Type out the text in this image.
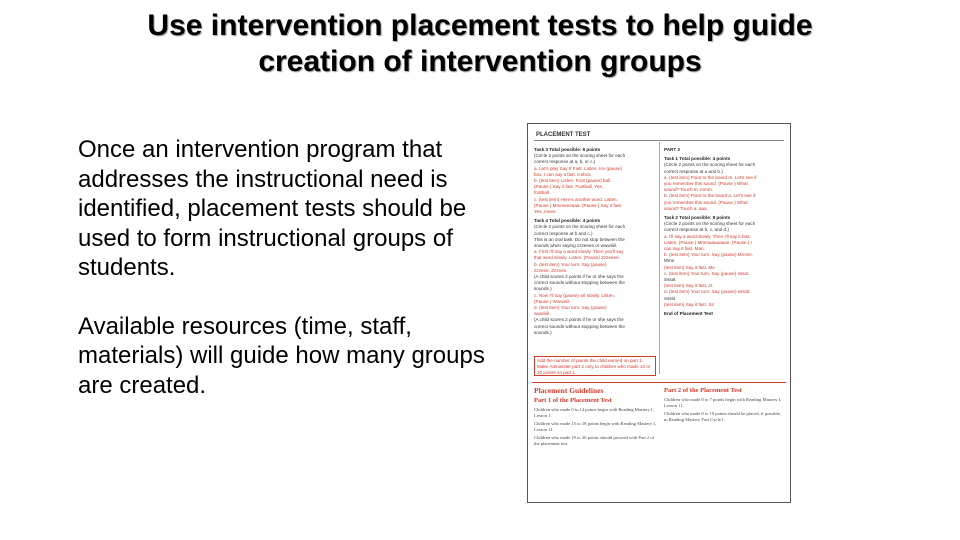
Use intervention placement tests to help guide
creation of intervention groups

Once an intervention program that addresses the instructional need is identified, placement tests should be used to form instructional groups of students.

Available resources (time, staff, materials) will guide how many groups are created.

PLACEMENT TEST
Task 3 Total possible: 6 points
(Circle 2 points on the scoring sheet for each
correct response at a, b, or c.)
a. Let's play Say It Fast. Listen. Ice (pause)
box. I can say it fast. Icebox.
b. (test item) Listen. Foot (pause) ball.
(Pause.) Say it fast. Football. Yes,
football.
c. (test item) Here's another word. Listen.
(Pause.) Mmmeeeaaa. (Pause.) Say it fast.
Yes, meee.
Task 4 Total possible: 4 points
(Circle 2 points on the scoring sheet for each
correct response at b and c.)
This is an oral task. Do not stop between the
sounds when saying zzzeeee or wwwiiiil.
a. First I'll say a word slowly. Then you'll say
that word slowly. Listen. (Pause) Zzzeeee.
b. (test item) Your turn. Say (pause)
zzzeee. Zzzeee.
(A child scores 2 points if he or she says the
correct sounds without stopping between the
sounds.)
c. Now I'll say (pause) wil slowly. Listen.
(Pause.) Wwwiiiil.
d. (test item) Your turn. Say (pause)
wwwiiiil.
(A child scores 2 points if he or she says the
correct sounds without stopping between the
sounds.)
PART 2
Task 1 Total possible: 4 points
(Circle 2 points on the scoring sheet for each
correct response at a and b.)
a. (test item) Point to the board m. Let's see if
you remember this sound. (Pause.) What
sound? Touch m. mmm.
b. (test item) Point to the board a. Let's see if
you remember this sound. (Pause.) What
sound? Touch a. aaa.
Task 2 Total possible: 8 points
(Circle 2 points on the scoring sheet for each
correct response at b, c, and d.)
a. I'll say a word slowly. Then I'll say it fast.
Listen. (Pause.) Mmmaaaaaaan. (Pause.) I
can say it fast. Man.
b. (test item) Your turn. Say (pause) Mmme.
Mme
(test item) Say it fast. Me
c. (test item) Your turn. Say (pause) sssat.
Sssat
(test item) Say it fast. At
d. (test item) Your turn. Say (pause) sssiiit.
Sssiit
(test item) Say it fast. Sit
End of Placement Test
Add the number of points the child earned on part 1. Make Administer part 2 only to children who made 10 or 20 points on part 1.
Placement Guidelines
Part 1 of the Placement Test
Children who made 0 to 14 points begin with Reading Mastery I, Lesson 1.
Children who made 15 to 18 points begin with Reading Mastery I, Lesson 11.
Children who made 19 to 20 points should proceed with Part 2 of the placement test.
Part 2 of the Placement Test
Children who made 0 to 7 points begin with Reading Mastery I, Lesson 11.
Children who made 8 to 10 points should be placed, if possible, in Reading Mastery Fast Cycle I.
